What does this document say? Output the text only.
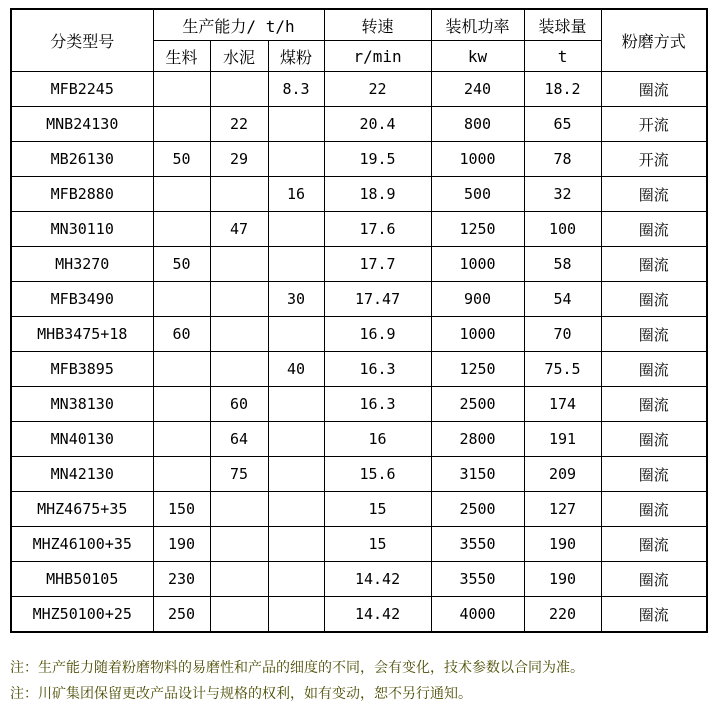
分类型号	生产能力/ t/h			转速	装机功率	装球量	粉磨方式
	生料	水泥	煤粉	r/min	kw	t	
MFB2245			8.3	22	240	18.2	圈流
MNB24130		22		20.4	800	65	开流
MB26130	50	29		19.5	1000	78	开流
MFB2880			16	18.9	500	32	圈流
MN30110		47		17.6	1250	100	圈流
MH3270	50			17.7	1000	58	圈流
MFB3490			30	17.47	900	54	圈流
MHB3475+18	60			16.9	1000	70	圈流
MFB3895			40	16.3	1250	75.5	圈流
MN38130		60		16.3	2500	174	圈流
MN40130		64		16	2800	191	圈流
MN42130		75		15.6	3150	209	圈流
MHZ4675+35	150			15	2500	127	圈流
MHZ46100+35	190			15	3550	190	圈流
MHB50105	230			14.42	3550	190	圈流
MHZ50100+25	250			14.42	4000	220	圈流
注：生产能力随着粉磨物料的易磨性和产品的细度的不同，会有变化，技术参数以合同为准。
注：川矿集团保留更改产品设计与规格的权利，如有变动，恕不另行通知。
